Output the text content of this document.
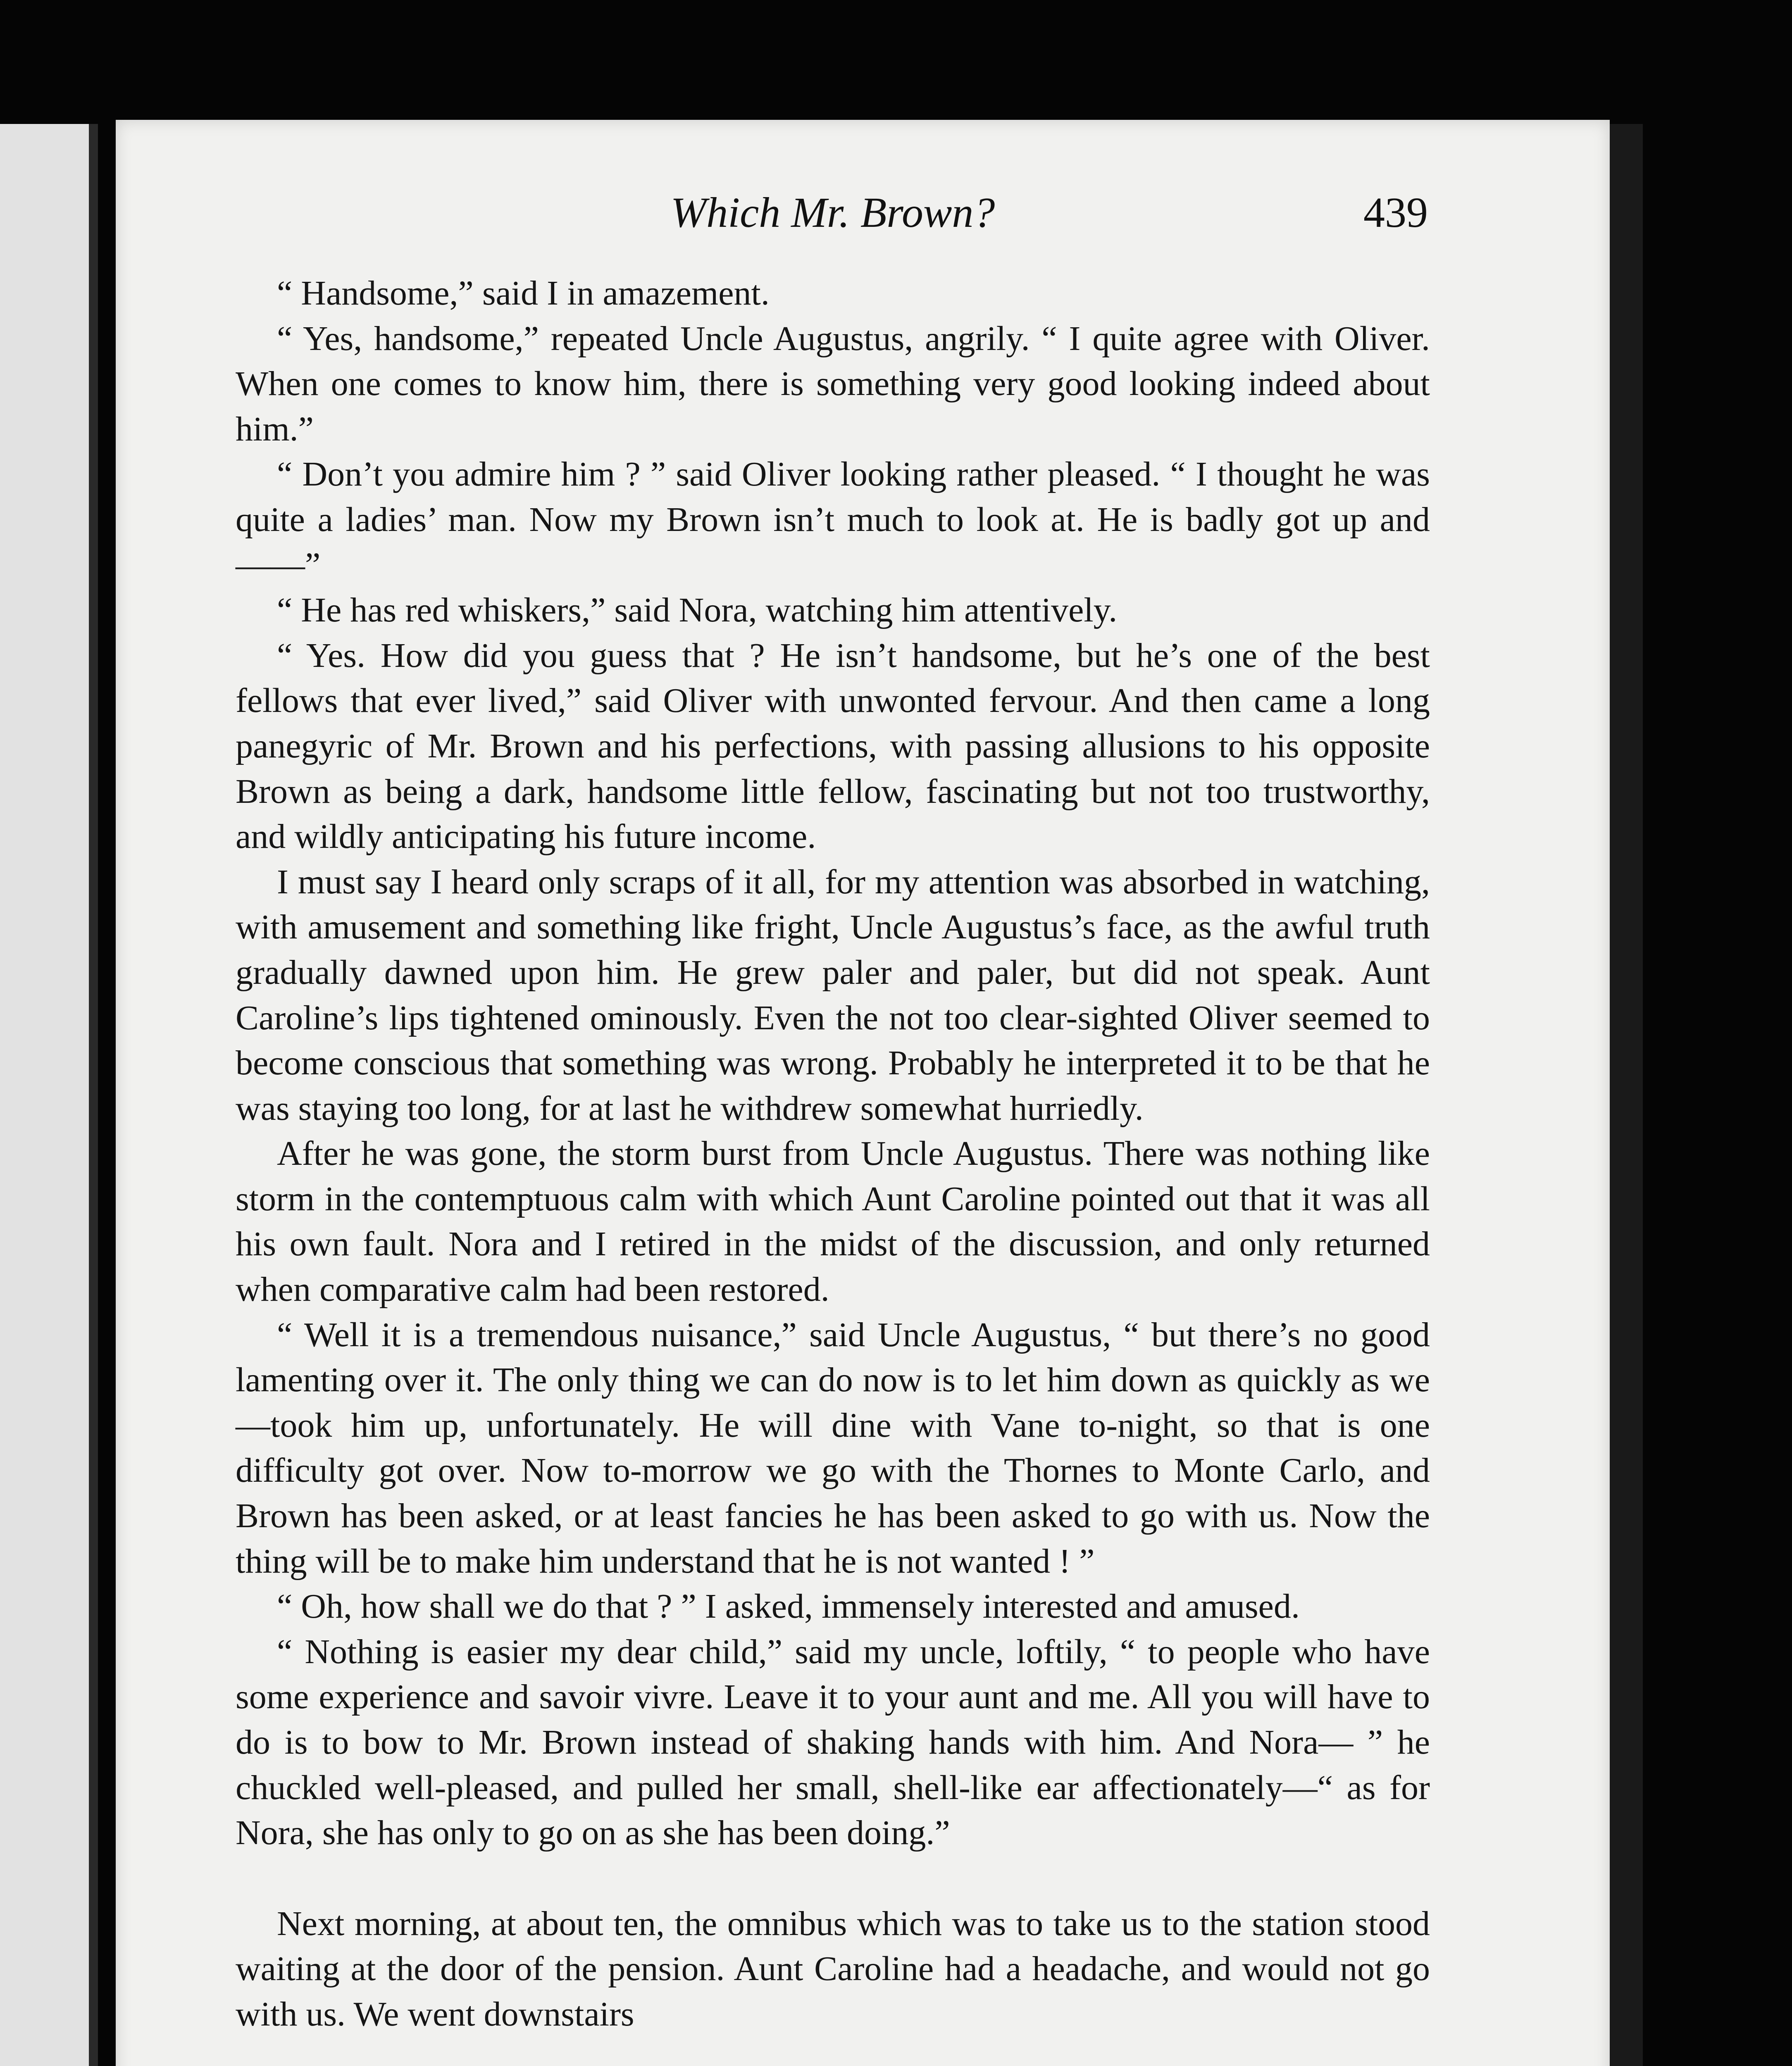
Which Mr. Brown?	439

“ Handsome,” said I in amazement.

“ Yes, handsome,” repeated Uncle Augustus, angrily. “ I quite agree with Oliver. When one comes to know him, there is something very good looking indeed about him.”

“ Don’t you admire him ? ” said Oliver looking rather pleased. “ I thought he was quite a ladies’ man. Now my Brown isn’t much to look at. He is badly got up and ——”

“ He has red whiskers,” said Nora, watching him attentively.

“ Yes. How did you guess that ? He isn’t handsome, but he’s one of the best fellows that ever lived,” said Oliver with unwonted fervour. And then came a long panegyric of Mr. Brown and his perfections, with passing allusions to his opposite Brown as being a dark, handsome little fellow, fascinating but not too trustworthy, and wildly anticipating his future income.

I must say I heard only scraps of it all, for my attention was absorbed in watching, with amusement and something like fright, Uncle Augustus’s face, as the awful truth gradually dawned upon him. He grew paler and paler, but did not speak. Aunt Caroline’s lips tightened ominously. Even the not too clear-sighted Oliver seemed to become conscious that something was wrong. Probably he interpreted it to be that he was staying too long, for at last he withdrew somewhat hurriedly.

After he was gone, the storm burst from Uncle Augustus. There was nothing like storm in the contemptuous calm with which Aunt Caroline pointed out that it was all his own fault. Nora and I retired in the midst of the discussion, and only returned when comparative calm had been restored.

“ Well it is a tremendous nuisance,” said Uncle Augustus, “ but there’s no good lamenting over it. The only thing we can do now is to let him down as quickly as we—took him up, unfortunately. He will dine with Vane to-night, so that is one difficulty got over. Now to-morrow we go with the Thornes to Monte Carlo, and Brown has been asked, or at least fancies he has been asked to go with us. Now the thing will be to make him understand that he is not wanted ! ”

“ Oh, how shall we do that ? ” I asked, immensely interested and amused.

“ Nothing is easier my dear child,” said my uncle, loftily, “ to people who have some experience and savoir vivre. Leave it to your aunt and me. All you will have to do is to bow to Mr. Brown instead of shaking hands with him. And Nora— ” he chuckled well-pleased, and pulled her small, shell-like ear affectionately—“ as for Nora, she has only to go on as she has been doing.”

Next morning, at about ten, the omnibus which was to take us to the station stood waiting at the door of the pension. Aunt Caroline had a headache, and would not go with us. We went downstairs
